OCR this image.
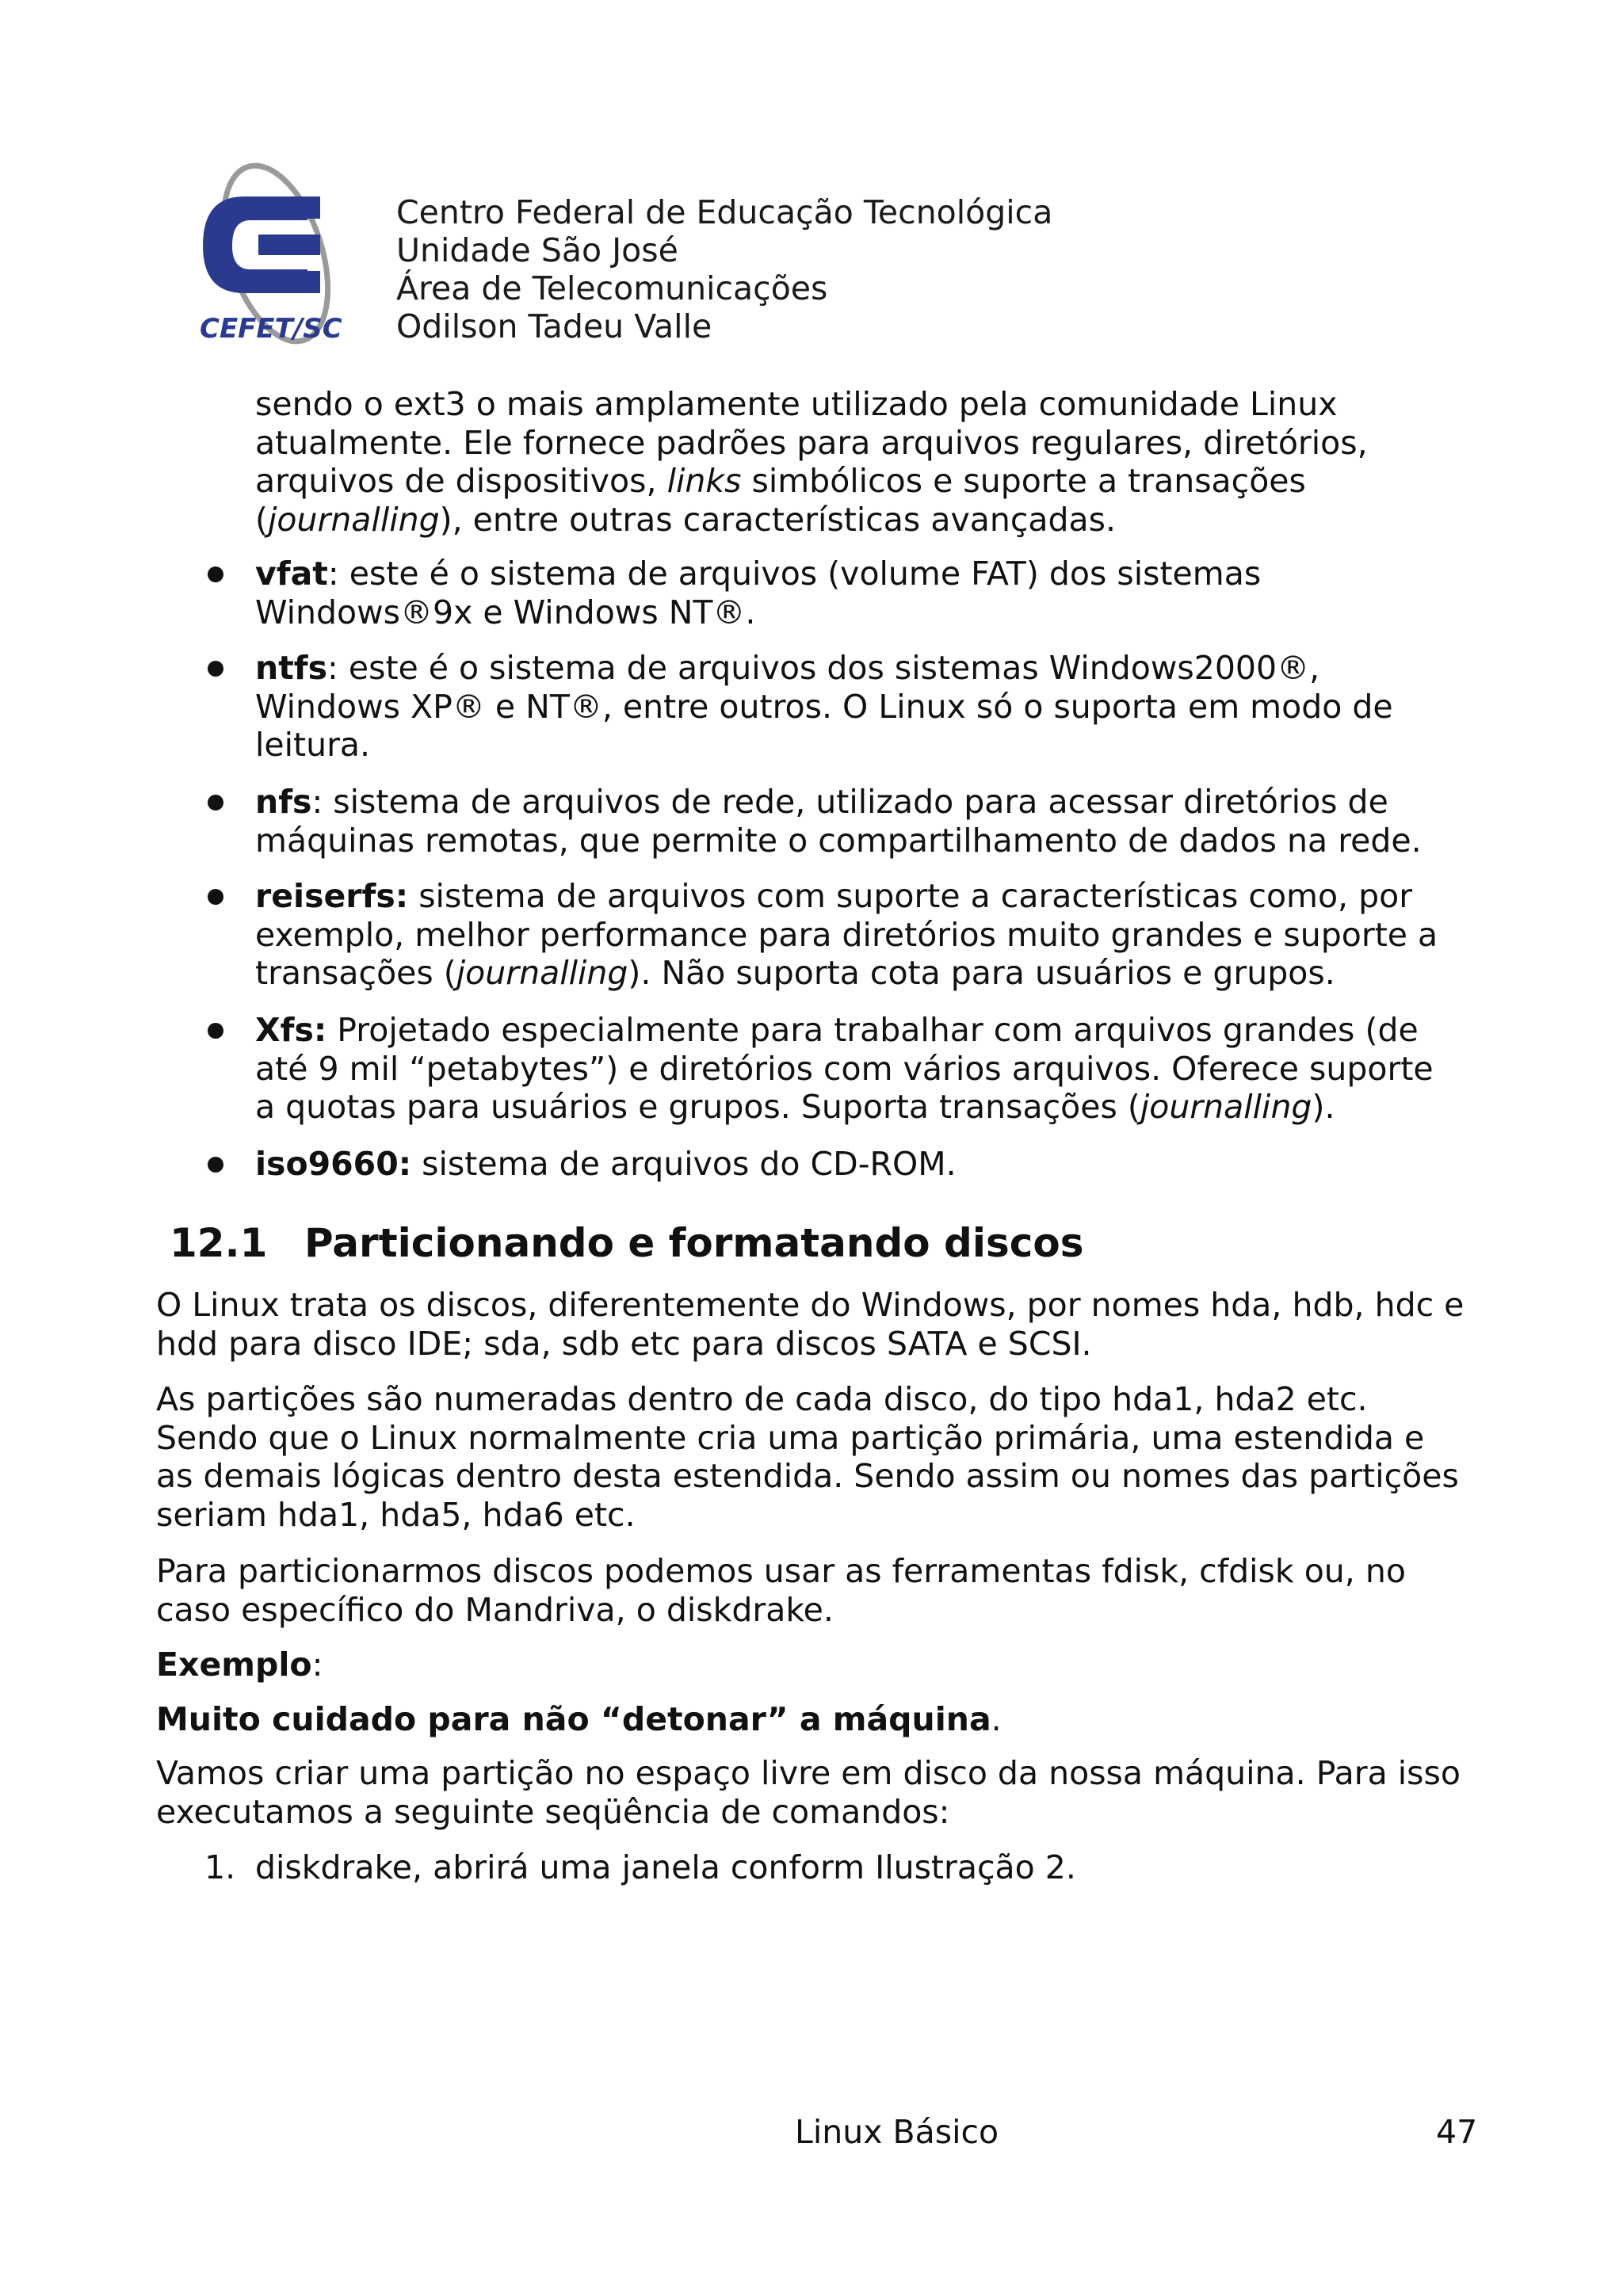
CEFET/SC
Centro Federal de Educação Tecnológica
Unidade São José
Área de Telecomunicações
Odilson Tadeu Valle
sendo o ext3 o mais amplamente utilizado pela comunidade Linux
atualmente. Ele fornece padrões para arquivos regulares, diretórios,
arquivos de dispositivos, links simbólicos e suporte a transações
(journalling), entre outras características avançadas.
vfat: este é o sistema de arquivos (volume FAT) dos sistemas
Windows®9x e Windows NT®.
ntfs: este é o sistema de arquivos dos sistemas Windows2000®,
Windows XP® e NT®, entre outros. O Linux só o suporta em modo de
leitura.
nfs: sistema de arquivos de rede, utilizado para acessar diretórios de
máquinas remotas, que permite o compartilhamento de dados na rede.
reiserfs: sistema de arquivos com suporte a características como, por
exemplo, melhor performance para diretórios muito grandes e suporte a
transações (journalling). Não suporta cota para usuários e grupos.
Xfs: Projetado especialmente para trabalhar com arquivos grandes (de
até 9 mil “petabytes”) e diretórios com vários arquivos. Oferece suporte
a quotas para usuários e grupos. Suporta transações (journalling).
iso9660: sistema de arquivos do CD-ROM.
12.1 Particionando e formatando discos
O Linux trata os discos, diferentemente do Windows, por nomes hda, hdb, hdc e
hdd para disco IDE; sda, sdb etc para discos SATA e SCSI.
As partições são numeradas dentro de cada disco, do tipo hda1, hda2 etc.
Sendo que o Linux normalmente cria uma partição primária, uma estendida e
as demais lógicas dentro desta estendida. Sendo assim ou nomes das partições
seriam hda1, hda5, hda6 etc.
Para particionarmos discos podemos usar as ferramentas fdisk, cfdisk ou, no
caso específico do Mandriva, o diskdrake.
Exemplo:
Muito cuidado para não “detonar” a máquina.
Vamos criar uma partição no espaço livre em disco da nossa máquina. Para isso
executamos a seguinte seqüência de comandos:
1. diskdrake, abrirá uma janela conform Ilustração 2.
Linux Básico	47
